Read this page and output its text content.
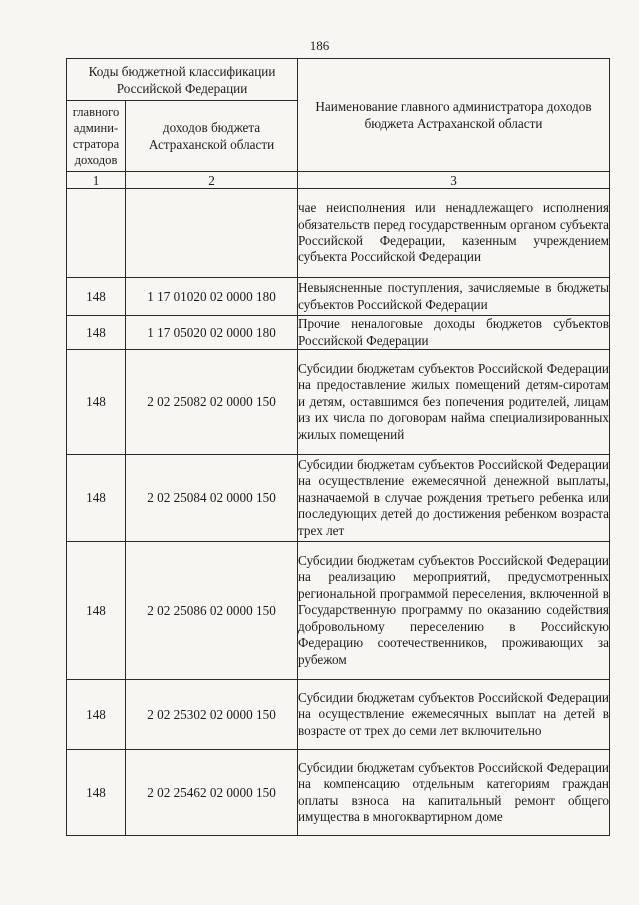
186
Коды бюджетной классификации Российской Федерации		Наименование главного администратора доходов бюджета Астраханской области
главного админи-стратора доходов	доходов бюджета Астраханской области	
1	2	3
		чае неисполнения или ненадлежащего исполнения обязательств перед государственным органом субъекта Российской Федерации, казенным учреждением субъекта Российской Федерации
148	1 17 01020 02 0000 180	Невыясненные поступления, зачисляемые в бюджеты субъектов Российской Федерации
148	1 17 05020 02 0000 180	Прочие неналоговые доходы бюджетов субъектов Российской Федерации
148	2 02 25082 02 0000 150	Субсидии бюджетам субъектов Российской Федерации на предоставление жилых помещений детям-сиротам и детям, оставшимся без попечения родителей, лицам из их числа по договорам найма специализированных жилых помещений
148	2 02 25084 02 0000 150	Субсидии бюджетам субъектов Российской Федерации на осуществление ежемесячной денежной выплаты, назначаемой в случае рождения третьего ребенка или последующих детей до достижения ребенком возраста трех лет
148	2 02 25086 02 0000 150	Субсидии бюджетам субъектов Российской Федерации на реализацию мероприятий, предусмотренных региональной программой переселения, включенной в Государственную программу по оказанию содействия добровольному переселению в Российскую Федерацию соотечественников, проживающих за рубежом
148	2 02 25302 02 0000 150	Субсидии бюджетам субъектов Российской Федерации на осуществление ежемесячных выплат на детей в возрасте от трех до семи лет включительно
148	2 02 25462 02 0000 150	Субсидии бюджетам субъектов Российской Федерации на компенсацию отдельным категориям граждан оплаты взноса на капитальный ремонт общего имущества в многоквартирном доме
